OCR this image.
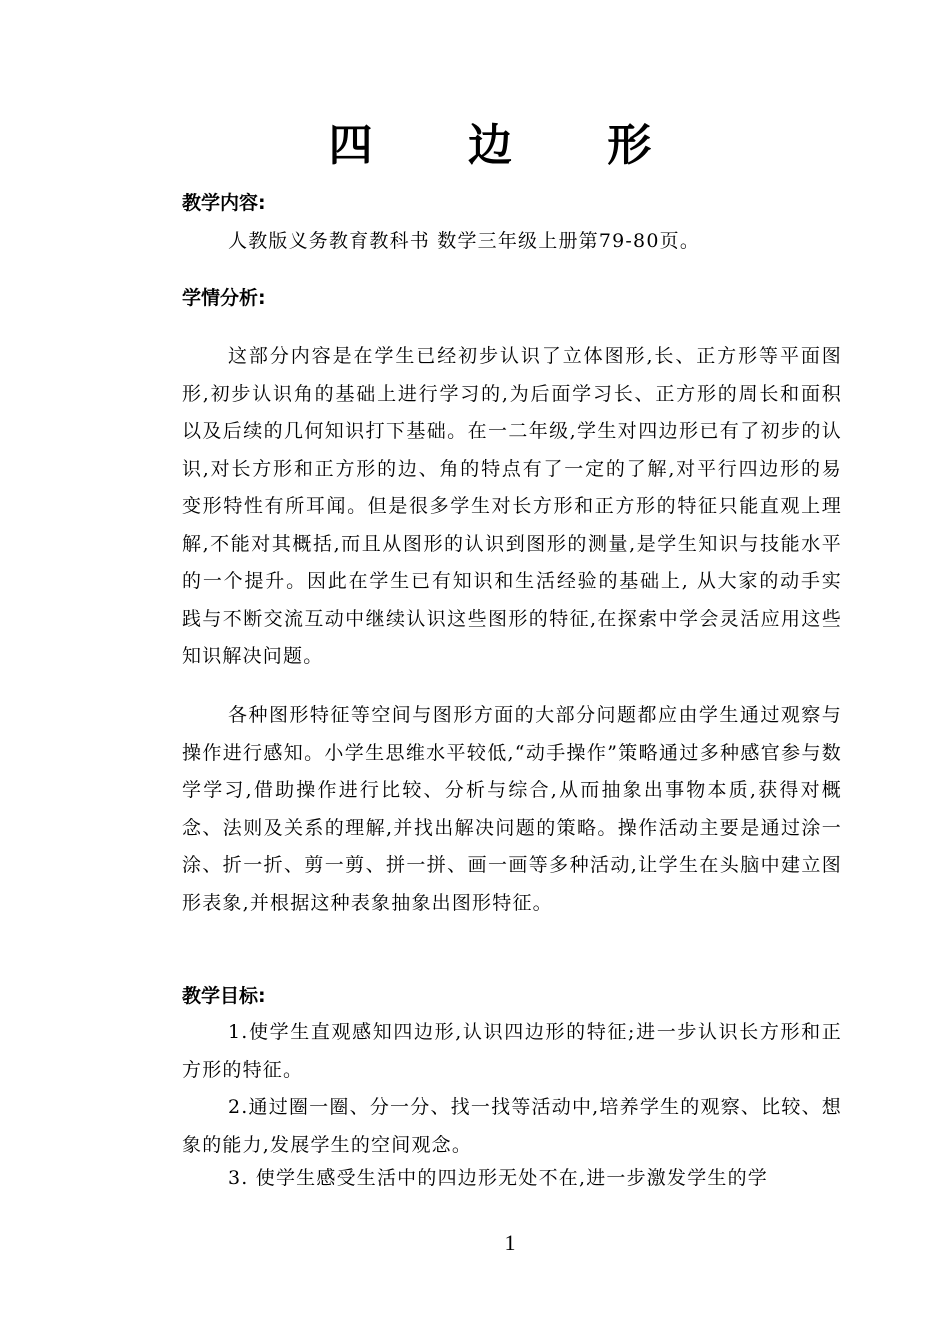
四 边 形
教学内容:
人教版义务教育教科书 数学三年级上册第79-80页。
学情分析:
这部分内容是在学生已经初步认识了立体图形,长、正方形等平面图形,初步认识角的基础上进行学习的,为后面学习长、正方形的周长和面积以及后续的几何知识打下基础。在一二年级,学生对四边形已有了初步的认识,对长方形和正方形的边、角的特点有了一定的了解,对平行四边形的易变形特性有所耳闻。但是很多学生对长方形和正方形的特征只能直观上理解,不能对其概括,而且从图形的认识到图形的测量,是学生知识与技能水平的一个提升。因此在学生已有知识和生活经验的基础上, 从大家的动手实践与不断交流互动中继续认识这些图形的特征,在探索中学会灵活应用这些知识解决问题。
各种图形特征等空间与图形方面的大部分问题都应由学生通过观察与操作进行感知。小学生思维水平较低,“动手操作”策略通过多种感官参与数学学习,借助操作进行比较、分析与综合,从而抽象出事物本质,获得对概念、法则及关系的理解,并找出解决问题的策略。操作活动主要是通过涂一涂、折一折、剪一剪、拼一拼、画一画等多种活动,让学生在头脑中建立图形表象,并根据这种表象抽象出图形特征。
教学目标:
1.使学生直观感知四边形,认识四边形的特征;进一步认识长方形和正方形的特征。
2.通过圈一圈、分一分、找一找等活动中,培养学生的观察、比较、想象的能力,发展学生的空间观念。
3. 使学生感受生活中的四边形无处不在,进一步激发学生的学
1
